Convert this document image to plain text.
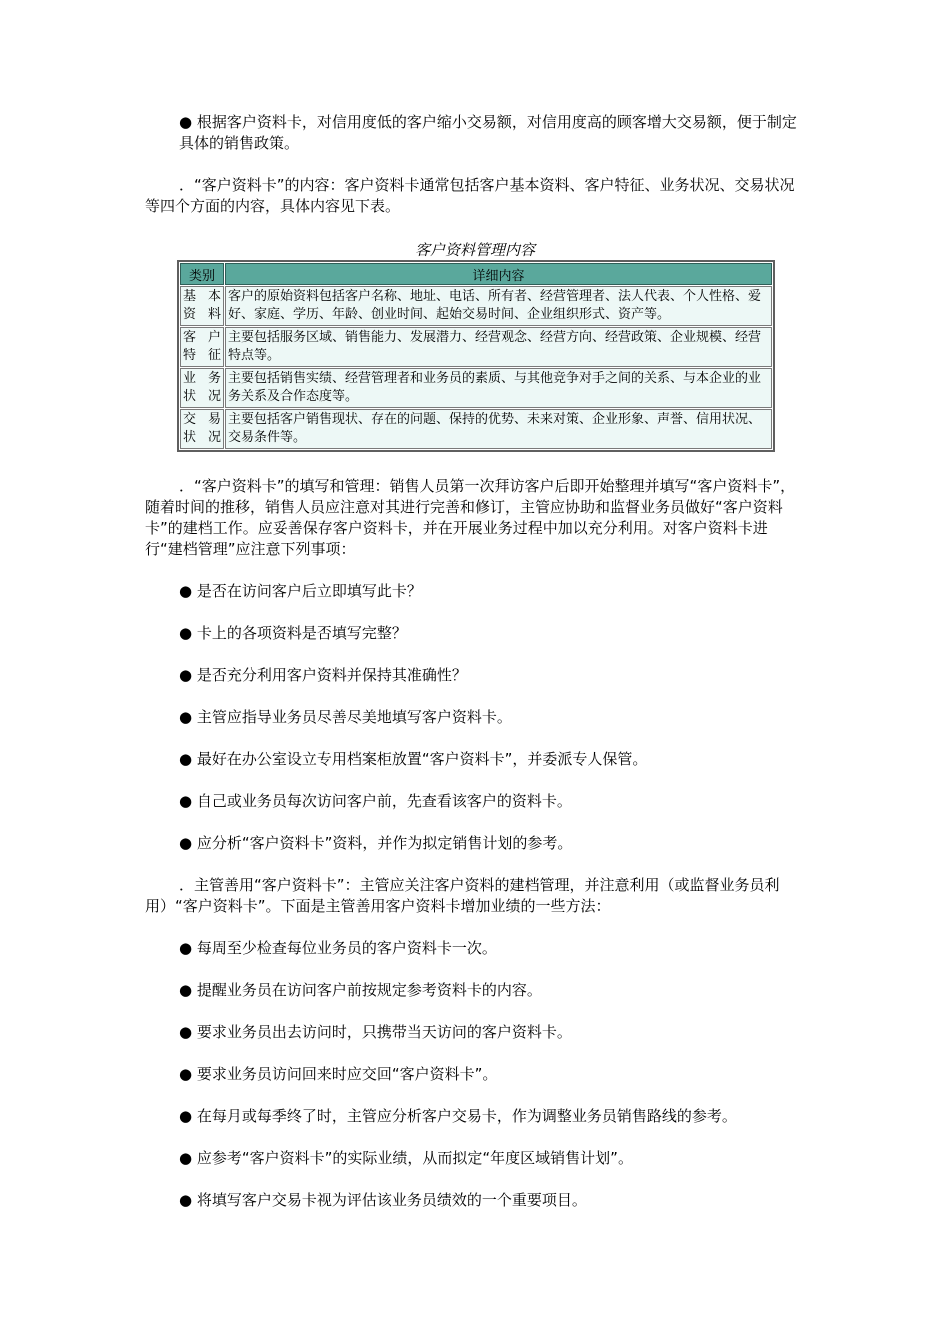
● 根据客户资料卡，对信用度低的客户缩小交易额，对信用度高的顾客增大交易额，便于制定具体的销售政策。

．“客户资料卡”的内容：客户资料卡通常包括客户基本资料、客户特征、业务状况、交易状况等四个方面的内容，具体内容见下表。

客户资料管理内容
类别	详细内容
基本资料	客户的原始资料包括客户名称、地址、电话、所有者、经营管理者、法人代表、个人性格、爱好、家庭、学历、年龄、创业时间、起始交易时间、企业组织形式、资产等。
客户特征	主要包括服务区域、销售能力、发展潜力、经营观念、经营方向、经营政策、企业规模、经营特点等。
业务状况	主要包括销售实绩、经营管理者和业务员的素质、与其他竞争对手之间的关系、与本企业的业务关系及合作态度等。
交易状况	主要包括客户销售现状、存在的问题、保持的优势、未来对策、企业形象、声誉、信用状况、交易条件等。

．“客户资料卡”的填写和管理：销售人员第一次拜访客户后即开始整理并填写“客户资料卡”，随着时间的推移，销售人员应注意对其进行完善和修订，主管应协助和监督业务员做好“客户资料卡”的建档工作。应妥善保存客户资料卡，并在开展业务过程中加以充分利用。对客户资料卡进行“建档管理”应注意下列事项：

● 是否在访问客户后立即填写此卡？

● 卡上的各项资料是否填写完整？

● 是否充分利用客户资料并保持其准确性？

● 主管应指导业务员尽善尽美地填写客户资料卡。

● 最好在办公室设立专用档案柜放置“客户资料卡”，并委派专人保管。

● 自己或业务员每次访问客户前，先查看该客户的资料卡。

● 应分析“客户资料卡”资料，并作为拟定销售计划的参考。

．主管善用“客户资料卡”：主管应关注客户资料的建档管理，并注意利用（或监督业务员利用）“客户资料卡”。下面是主管善用客户资料卡增加业绩的一些方法：

● 每周至少检查每位业务员的客户资料卡一次。

● 提醒业务员在访问客户前按规定参考资料卡的内容。

● 要求业务员出去访问时，只携带当天访问的客户资料卡。

● 要求业务员访问回来时应交回“客户资料卡”。

● 在每月或每季终了时，主管应分析客户交易卡，作为调整业务员销售路线的参考。

● 应参考“客户资料卡”的实际业绩，从而拟定“年度区域销售计划”。

● 将填写客户交易卡视为评估该业务员绩效的一个重要项目。
